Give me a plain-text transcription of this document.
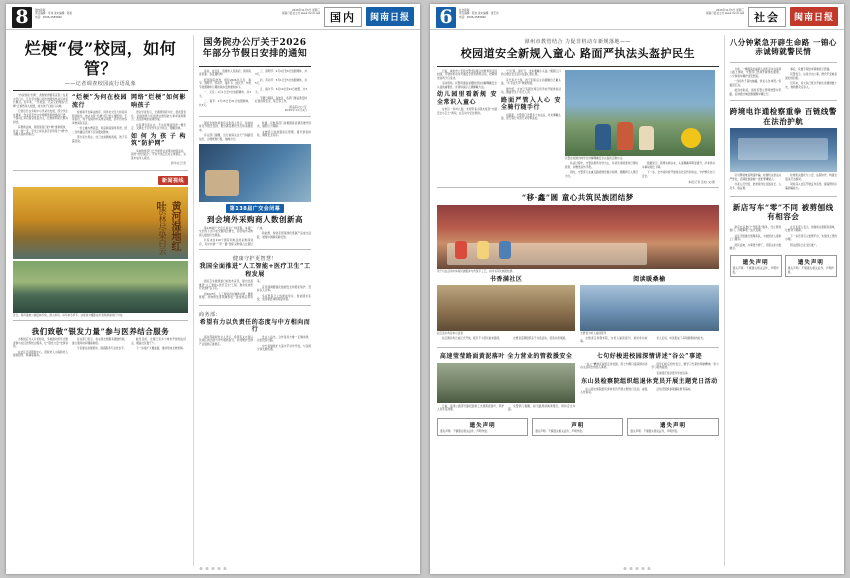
8	国内新闻
责任编辑：李伟 美术编辑：陈旭
电话：0596-2589890
2025年11月5日 星期三
闽南日报社主办 www.mnrb.net 国内	闽南日报
烂梗“侵”校园，如何管？
——记者调查校园流行语乱象

“你说我是‘烂梗’，我倒觉得挺有意思。”在某小学门口，几名学生脱口而出的网络热词引来家长侧目。近年来，一些低俗、无意义的网络“烂梗”正悄然进入校园，成为孩子们的口头禅。

记者近日在多地中小学采访发现，部分学生在课间、作业甚至作文中频繁使用网络流行语，个别词汇带有谐音低俗含义，让教师和家长颇为担忧。

有教师反映，班级里流行的“梗”更新极快，往往一周一变，学生之间以是否会用某个“梗”作为融入集体的标志。

“烂梗”为何在校园流行

短视频平台算法推荐、同伴社交压力和家庭陪伴缺位，被认为是“烂梗”流行的主要原因。专家指出，孩子在模仿中获得认同感，而平台内容审核尚有盲区。

一些主播为博流量，刻意制造猎奇用语，经二次传播后迅速下沉到低龄群体。

部分家长坦言，自己也常刷短视频，孩子耳濡目染。

网络“烂梗”如何影响孩子

语言学者表示，长期使用碎片化、低质量表达，会削弱青少年的语言组织能力和审美判断力，甚至影响价值观形成。

也有研究者认为，不必对网络用语一概否定，关键在于引导学生区分场合、理解边界。

如何为孩子构筑“防护网”

多地教育部门已开展语言文明进校园活动，倡导“好好说话”。平台方也应压实主体责任，完善未成年人模式。

新华社记者
新闻视线
黄河湿地红叶
层林尽染白云
近日，黄河湿地公园层林尽染，游人如织。每年秋冬季节，这里成为摄影爱好者和游客的打卡地。
我们致敬“银发力量”参与医养结合服务

为积极应对人口老龄化，多地推动老年志愿者参与社区医养结合服务，让“银发力量”发挥余热。

在社区日间照料中心，低龄老人为高龄老人提供陪伴、助餐等服务。

有关部门表示，将完善志愿服务激励机制，建立服务时间储蓄制度。

专家建议加强培训，提高服务专业化水平。

截至目前，全国已有多个城市开展相关试点，覆盖社区数千个。

下一步将扩大覆盖面，推动形成长效机制。

国务院办公厅关于2026年部分节假日安排的通知

各省、自治区、直辖市人民政府，国务院各部委、各直属机构：

经国务院批准，现将2026年元旦、春节、清明节、劳动节、端午节、国庆节、中秋节放假调休日期的具体安排通知如下。

一、元旦：1月1日至3日放假调休，共3天。

二、春节：2月15日至21日放假调休，共7天。

三、清明节：4月4日至6日放假调休，共3天。

四、劳动节：5月1日至5日放假调休，共5天。

五、端午节：6月19日至21日放假，共3天。

节假日期间，各地区、各部门要妥善安排好值班和安全、保卫等工作。

国务院办公厅
2025年11月4日

国家发展改革委有关负责人表示，将持续优化节假日安排，更好满足群众出行和消费需求。

有关部门提醒，出行前请关注天气和路况信息，合理规划行程，错峰出行。

铁路、民航等部门将根据客流情况增开班次，做好运力保障。

文旅部门将加强景区管理，提升游客体验，确保安全有序。

第138届广交会闭幕
到会境外采购商人数创新高

第138届广交会日前在广州闭幕。本届广交会线下出口成交额同比增长，到会境外采购商人数创历史新高。

共有来自219个国家和地区的采购商到会，其中共建“一带一路”国家采购商占比超过六成。

新能源、智能家居等绿色低碳产品成交活跃，展现中国制造新优势。

健康守护更智慧！
我国全面推进“人工智能+医疗卫生”工程发展

国家卫生健康委日前发布意见，提出全面推进“人工智能+医疗卫生”工程，推动优质医疗资源扩容下沉。

到2027年，人工智能将在辅助诊断、健康管理、药物研发等领域形成一批成熟应用场景。

意见强调要强化数据安全和隐私保护，坚持以人为本。

多家医院已上线智能导诊、智能随访系统，患者就医体验明显改善。

商务部：
希望有力以负责任的态度与中方相向而行

商务部新闻发言人表示，希望有关方面以负责任的态度与中方相向而行，共同维护全球产业链供应链稳定。

发言人指出，合作是双方唯一正确选择，对抗没有出路。

中方将继续扩大高水平对外开放，与各国分享发展机遇。

6	社会新闻
责任编辑：陈岩 美术编辑：黄艺伟
电话：0596-2589890
2025年11月5日 星期三
闽南日报社主办 www.mnrb.net 社会	闽南日报
漳州市教管结合 力促非机动车新规落地——
校园道安全新规入童心 路面严执法头盔护民生

日前，漳州市公安局交警支队联合市教育局走进校园，开展非机动车交通安全宣传教育活动，把新规送到孩子们身边。

活动现场，民警用通俗易懂的语言讲解佩戴安全头盔的重要性，并现场演示正确佩戴方法。

幼儿园里看新规 安全常识入童心

在市区一所幼儿园，老师带着小朋友玩起“交通安全小卫士”游戏，在互动中记住规则。

“红灯停、绿灯行，坐车要戴小头盔。”朗朗上口的儿歌让安全意识在童心里扎根。

家长李女士说，孩子回家后主动提醒自己戴头盔，“小手拉大手”效果明显。

据介绍，全市已有超过两百所学校开展类似活动，覆盖学生十余万人次。

路面严管入人心 安全骑行随手行

在路面，交警部门设置多个执法点，对未佩戴头盔、逆行等行为进行劝导和查处。

民警在校园内向学生讲解佩戴安全头盔的正确方法。

执法过程中，交警以教育劝导为主，对初次违规者进行现场教育，并赠送宣传手册。

同时，交警部门在重点路段增设提示标牌，提醒骑行人规范出行。

数据显示，新规实施以来，头盔佩戴率明显提升，涉非机动车事故同比下降。

下一步，全市将持续开展常态化宣传和执法，守护群众出行安全。

本报记者 张晗 文/图
“移·鑫”圆 童心共筑民族团结梦
孩子们在活动中体验民族服饰与传统手工艺，共同书写民族团结情。
书香满社区
社区读书角迎来小读者

社区图书角日前正式开放，吸引不少居民前来借阅。	志愿者定期组织亲子共读活动，营造书香氛围。

阅读暖桑榆
志愿者为老人诵读报刊

志愿者走进敬老院，为老人诵读报刊、讲述身边故事。

老人们说，听读报成了每周最期待的时光。

高速莹莹路面黄泥落叶 全力营业的管救援安全

日前，高速公路部分路段因施工出现黄泥落叶，养护人员连夜清理。

交警部门提醒，雨天路滑请减速慢行，保持安全车距。

七句好梭进校园深情讲述“谷公”事迹

“谷公”精神宣讲团走进校园，用七句顺口溜深情讲述谷文昌同志的感人事迹。

同学们听后纷纷表示，要学习先辈的奉献精神，努力学习报效祖国。

宣讲团还将赴更多学校巡讲。

东山县检察院组织组退休党员开展主题党日活动

东山县检察院组织退休党员开展主题党日活动，重温入党誓词。

活动还组织参观廉政教育基地。

遗失声明
遗失声明：不慎遗失相关证件，声明作废。
声明
遗失声明：不慎遗失相关证件，声明作废。
遗失声明
遗失声明：不慎遗失相关证件，声明作废。
八分钟紧急开辟生命路 一锦心赤诚铸就警民情

日前，一辆载着危重病人的私家车在高速公路上求助，交警部门迅速开辟绿色通道，八分钟将车辆护送至医院。

“当时孩子高烧抽搐，我们心急如焚。”家属回忆说。

接到求助后，值班民警立即驾驶警车带路，沿途通过喊话器提醒车辆让行。

事后，家属专程送来锦旗表示感谢。

民警表示，这是分内之事，群众平安就是最好的回报。

近年来，该大队已累计开辟生命通道数十次，救助群众百余人。

跨境电诈通检察重拳 百链线警在法治护航

针对跨境电信网络诈骗，检察机关依法从严惩处，近期批准逮捕一批犯罪嫌疑人。

办案人员介绍，此类案件往往链条长、人员多、取证难。

检察机关强化与公安、法院协作，构建全链条打击格局。

同时深入社区开展反诈宣传，提高群众识骗防骗能力。

新店写车“零”不同 被剪刨线有相容会

新店社区推行“零距离”服务，设立便民窗口，办理事项一站式受理。

社区还组建志愿服务队，为独居老人提供上门服务。

居民反映，办事更方便了，邻里关系也更融洽。

社区负责人表示，将继续完善服务清单，让群众少跑腿。

下一步还将引入智慧平台，实现线上预约办理。

相关经验已在全区推广。

遗失声明
遗失声明：不慎遗失相关证件，声明作废。
遗失声明
遗失声明：不慎遗失相关证件，声明作废。
